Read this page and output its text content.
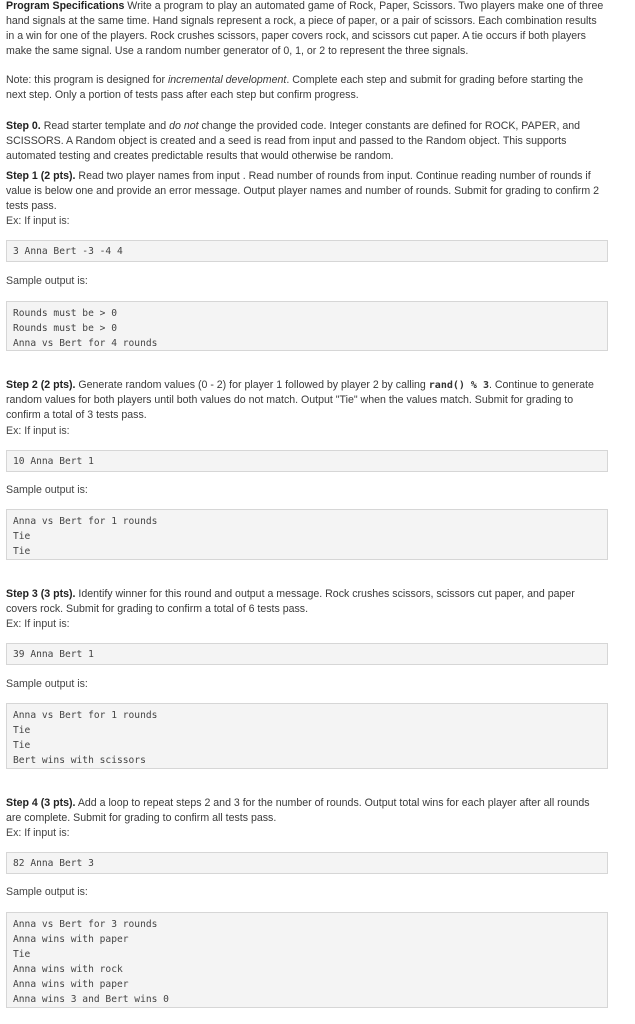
Program Specifications Write a program to play an automated game of Rock, Paper, Scissors. Two players make one of three hand signals at the same time. Hand signals represent a rock, a piece of paper, or a pair of scissors. Each combination results in a win for one of the players. Rock crushes scissors, paper covers rock, and scissors cut paper. A tie occurs if both players make the same signal. Use a random number generator of 0, 1, or 2 to represent the three signals.

Note: this program is designed for incremental development. Complete each step and submit for grading before starting the next step. Only a portion of tests pass after each step but confirm progress.

Step 0. Read starter template and do not change the provided code. Integer constants are defined for ROCK, PAPER, and SCISSORS. A Random object is created and a seed is read from input and passed to the Random object. This supports automated testing and creates predictable results that would otherwise be random.

Step 1 (2 pts). Read two player names from input . Read number of rounds from input. Continue reading number of rounds if value is below one and provide an error message. Output player names and number of rounds. Submit for grading to confirm 2 tests pass.

Ex: If input is:

3 Anna Bert -3 -4 4

Sample output is:

Rounds must be > 0
Rounds must be > 0
Anna vs Bert for 4 rounds

Step 2 (2 pts). Generate random values (0 - 2) for player 1 followed by player 2 by calling rand() % 3. Continue to generate random values for both players until both values do not match. Output "Tie" when the values match. Submit for grading to confirm a total of 3 tests pass.

Ex: If input is:

10 Anna Bert 1

Sample output is:

Anna vs Bert for 1 rounds
Tie
Tie

Step 3 (3 pts). Identify winner for this round and output a message. Rock crushes scissors, scissors cut paper, and paper covers rock. Submit for grading to confirm a total of 6 tests pass.

Ex: If input is:

39 Anna Bert 1

Sample output is:

Anna vs Bert for 1 rounds
Tie
Tie
Bert wins with scissors

Step 4 (3 pts). Add a loop to repeat steps 2 and 3 for the number of rounds. Output total wins for each player after all rounds are complete. Submit for grading to confirm all tests pass.

Ex: If input is:

82 Anna Bert 3

Sample output is:

Anna vs Bert for 3 rounds
Anna wins with paper
Tie
Anna wins with rock
Anna wins with paper
Anna wins 3 and Bert wins 0
